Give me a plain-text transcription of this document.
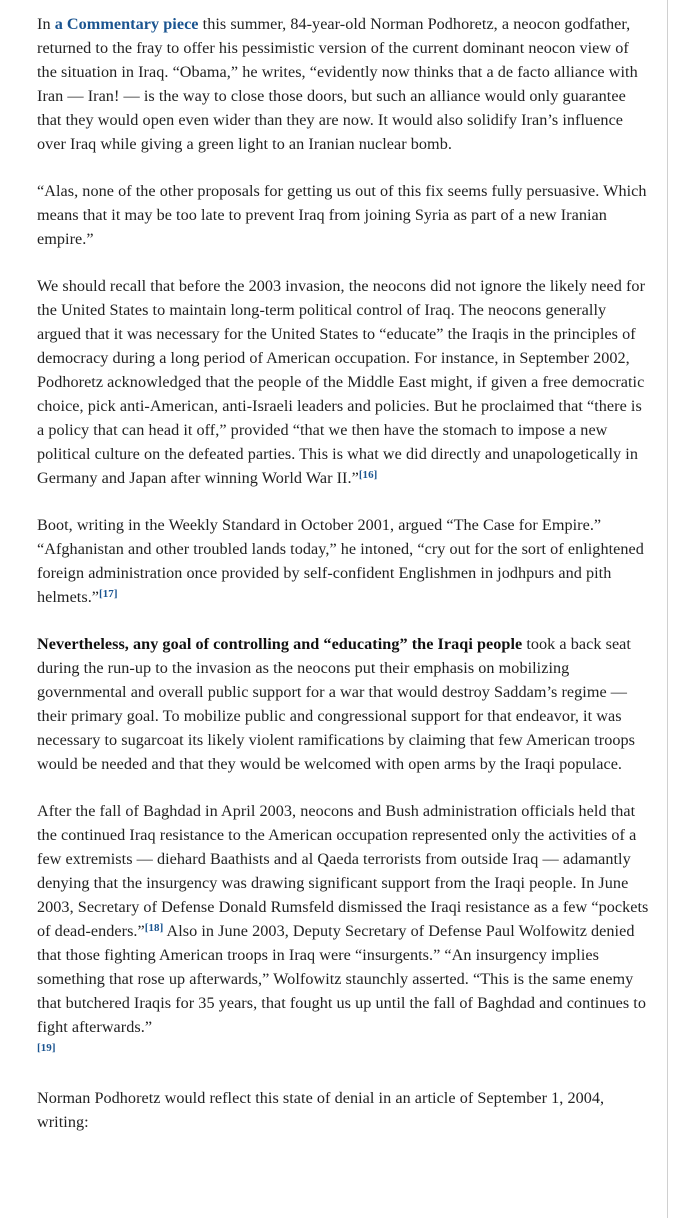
In a Commentary piece this summer, 84-year-old Norman Podhoretz, a neocon godfather, returned to the fray to offer his pessimistic version of the current dominant neocon view of the situation in Iraq. “Obama,” he writes, “evidently now thinks that a de facto alliance with Iran — Iran! — is the way to close those doors, but such an alliance would only guarantee that they would open even wider than they are now. It would also solidify Iran’s influence over Iraq while giving a green light to an Iranian nuclear bomb.

“Alas, none of the other proposals for getting us out of this fix seems fully persuasive. Which means that it may be too late to prevent Iraq from joining Syria as part of a new Iranian empire.”

We should recall that before the 2003 invasion, the neocons did not ignore the likely need for the United States to maintain long-term political control of Iraq. The neocons generally argued that it was necessary for the United States to “educate” the Iraqis in the principles of democracy during a long period of American occupation. For instance, in September 2002, Podhoretz acknowledged that the people of the Middle East might, if given a free democratic choice, pick anti-American, anti-Israeli leaders and policies. But he proclaimed that “there is a policy that can head it off,” provided “that we then have the stomach to impose a new political culture on the defeated parties. This is what we did directly and unapologetically in Germany and Japan after winning World War II.”[16]

Boot, writing in the Weekly Standard in October 2001, argued “The Case for Empire.” “Afghanistan and other troubled lands today,” he intoned, “cry out for the sort of enlightened foreign administration once provided by self-confident Englishmen in jodhpurs and pith helmets.”[17]

Nevertheless, any goal of controlling and “educating” the Iraqi people took a back seat during the run-up to the invasion as the neocons put their emphasis on mobilizing governmental and overall public support for a war that would destroy Saddam’s regime — their primary goal. To mobilize public and congressional support for that endeavor, it was necessary to sugarcoat its likely violent ramifications by claiming that few American troops would be needed and that they would be welcomed with open arms by the Iraqi populace.

After the fall of Baghdad in April 2003, neocons and Bush administration officials held that the continued Iraq resistance to the American occupation represented only the activities of a few extremists — diehard Baathists and al Qaeda terrorists from outside Iraq — adamantly denying that the insurgency was drawing significant support from the Iraqi people. In June 2003, Secretary of Defense Donald Rumsfeld dismissed the Iraqi resistance as a few “pockets of dead-enders.”[18] Also in June 2003, Deputy Secretary of Defense Paul Wolfowitz denied that those fighting American troops in Iraq were “insurgents.” “An insurgency implies something that rose up afterwards,” Wolfowitz staunchly asserted. “This is the same enemy that butchered Iraqis for 35 years, that fought us up until the fall of Baghdad and continues to fight afterwards.”
[19]

Norman Podhoretz would reflect this state of denial in an article of September 1, 2004, writing:
